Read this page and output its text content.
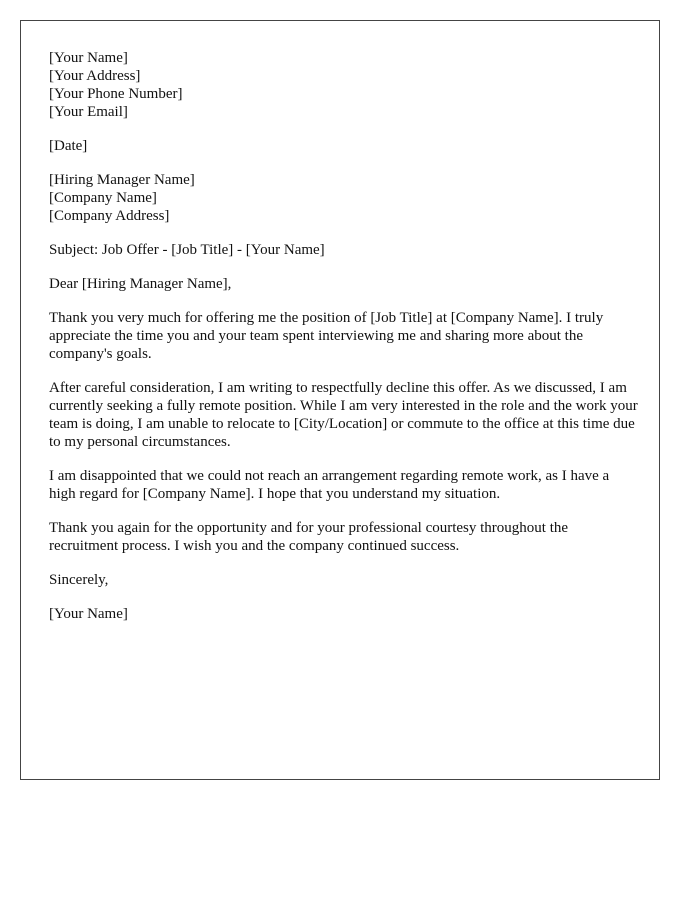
[Your Name]
[Your Address]
[Your Phone Number]
[Your Email]
[Date]
[Hiring Manager Name]
[Company Name]
[Company Address]
Subject: Job Offer - [Job Title] - [Your Name]
Dear [Hiring Manager Name],

Thank you very much for offering me the position of [Job Title] at [Company Name]. I truly appreciate the time you and your team spent interviewing me and sharing more about the company's goals.

After careful consideration, I am writing to respectfully decline this offer. As we discussed, I am currently seeking a fully remote position. While I am very interested in the role and the work your team is doing, I am unable to relocate to [City/Location] or commute to the office at this time due to my personal circumstances.

I am disappointed that we could not reach an arrangement regarding remote work, as I have a high regard for [Company Name]. I hope that you understand my situation.

Thank you again for the opportunity and for your professional courtesy throughout the recruitment process. I wish you and the company continued success.

Sincerely,
[Your Name]
